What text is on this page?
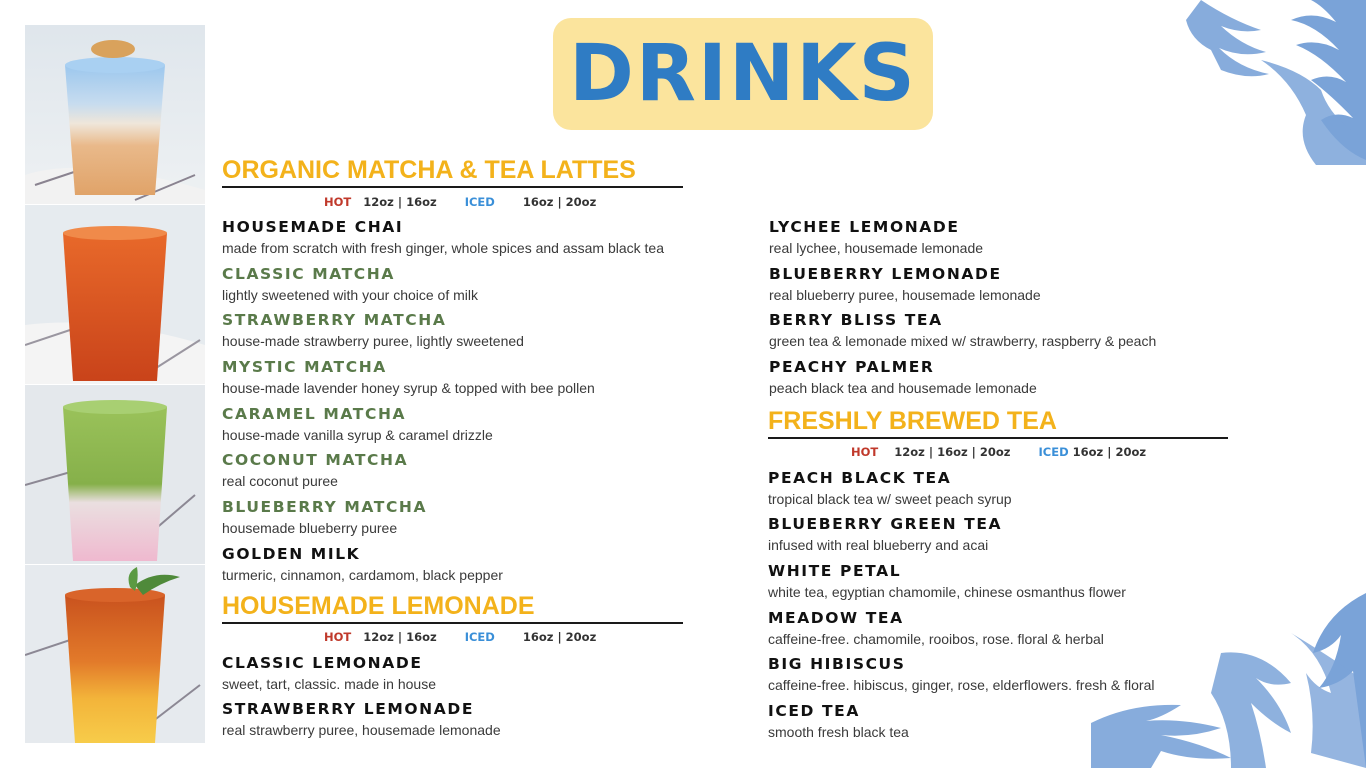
DRINKS
ORGANIC MATCHA & TEA LATTES
HOT 12oz | 16oz ICED 16oz | 20oz
HOUSEMADE CHAI
made from scratch with fresh ginger, whole spices and assam black tea
CLASSIC MATCHA
lightly sweetened with your choice of milk
STRAWBERRY MATCHA
house-made strawberry puree, lightly sweetened
MYSTIC MATCHA
house-made lavender honey syrup & topped with bee pollen
CARAMEL MATCHA
house-made vanilla syrup & caramel drizzle
COCONUT MATCHA
real coconut puree
BLUEBERRY MATCHA
housemade blueberry puree
GOLDEN MILK
turmeric, cinnamon, cardamom, black pepper
HOUSEMADE LEMONADE
HOT 12oz | 16oz ICED 16oz | 20oz
CLASSIC LEMONADE
sweet, tart, classic. made in house
STRAWBERRY LEMONADE
real strawberry puree, housemade lemonade
LYCHEE LEMONADE
real lychee, housemade lemonade
BLUEBERRY LEMONADE
real blueberry puree, housemade lemonade
BERRY BLISS TEA
green tea & lemonade mixed w/ strawberry, raspberry & peach
PEACHY PALMER
peach black tea and housemade lemonade
FRESHLY BREWED TEA
HOT 12oz | 16oz | 20oz ICED 16oz | 20oz
PEACH BLACK TEA
tropical black tea w/ sweet peach syrup
BLUEBERRY GREEN TEA
infused with real blueberry and acai
WHITE PETAL
white tea, egyptian chamomile, chinese osmanthus flower
MEADOW TEA
caffeine-free. chamomile, rooibos, rose. floral & herbal
BIG HIBISCUS
caffeine-free. hibiscus, ginger, rose, elderflowers. fresh & floral
ICED TEA
smooth fresh black tea
